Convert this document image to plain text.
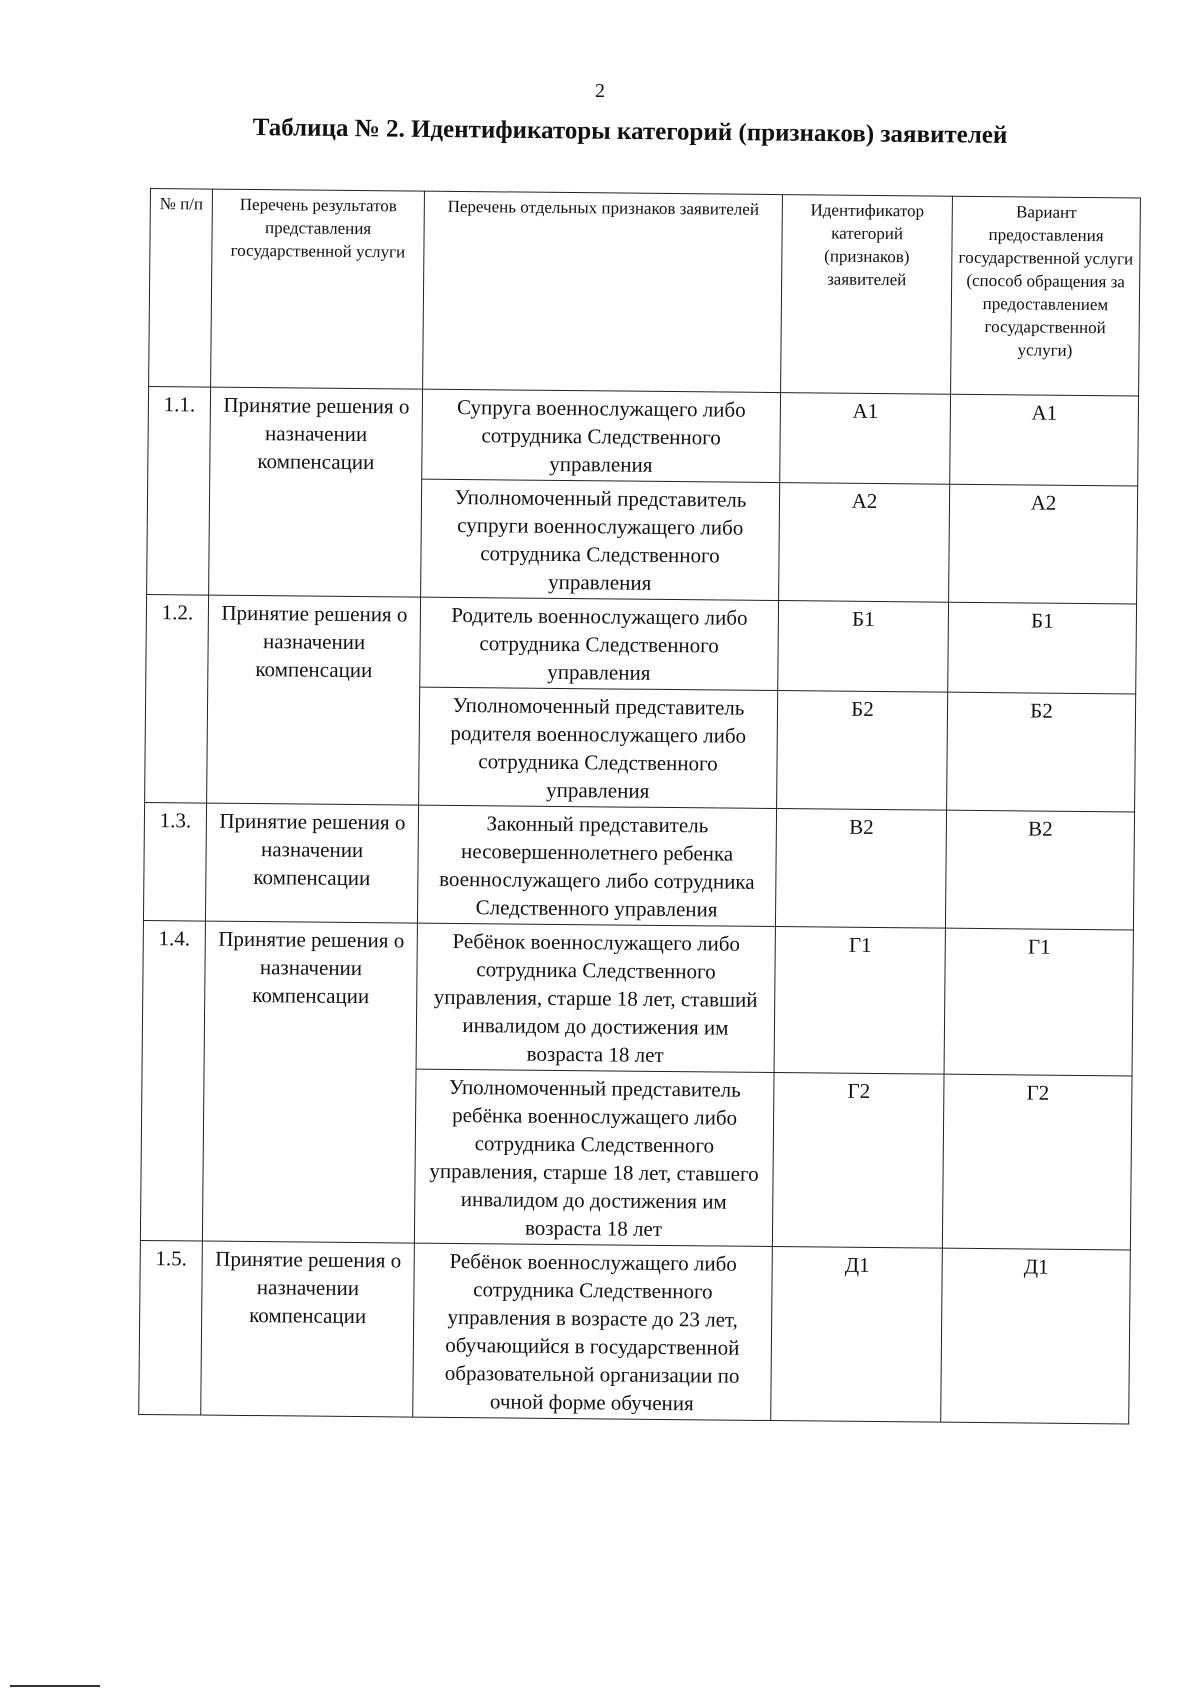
2
Таблица № 2. Идентификаторы категорий (признаков) заявителей
№ п/п	Перечень результатов представления государственной услуги	Перечень отдельных признаков заявителей	Идентификатор категорий (признаков) заявителей	Вариант предоставления государственной услуги (способ обращения за предоставлением государственной услуги)
1.1.	Принятие решения о назначении компенсации	Супруга военнослужащего либо сотрудника Следственного управления	А1	А1
		Уполномоченный представитель супруги военнослужащего либо сотрудника Следственного управления	А2	А2
1.2.	Принятие решения о назначении компенсации	Родитель военнослужащего либо сотрудника Следственного управления	Б1	Б1
		Уполномоченный представитель родителя военнослужащего либо сотрудника Следственного управления	Б2	Б2
1.3.	Принятие решения о назначении компенсации	Законный представитель несовершеннолетнего ребенка военнослужащего либо сотрудника Следственного управления	В2	В2
1.4.	Принятие решения о назначении компенсации	Ребёнок военнослужащего либо сотрудника Следственного управления, старше 18 лет, ставший инвалидом до достижения им возраста 18 лет	Г1	Г1
		Уполномоченный представитель ребёнка военнослужащего либо сотрудника Следственного управления, старше 18 лет, ставшего инвалидом до достижения им возраста 18 лет	Г2	Г2
1.5.	Принятие решения о назначении компенсации	Ребёнок военнослужащего либо сотрудника Следственного управления в возрасте до 23 лет, обучающийся в государственной образовательной организации по очной форме обучения	Д1	Д1
